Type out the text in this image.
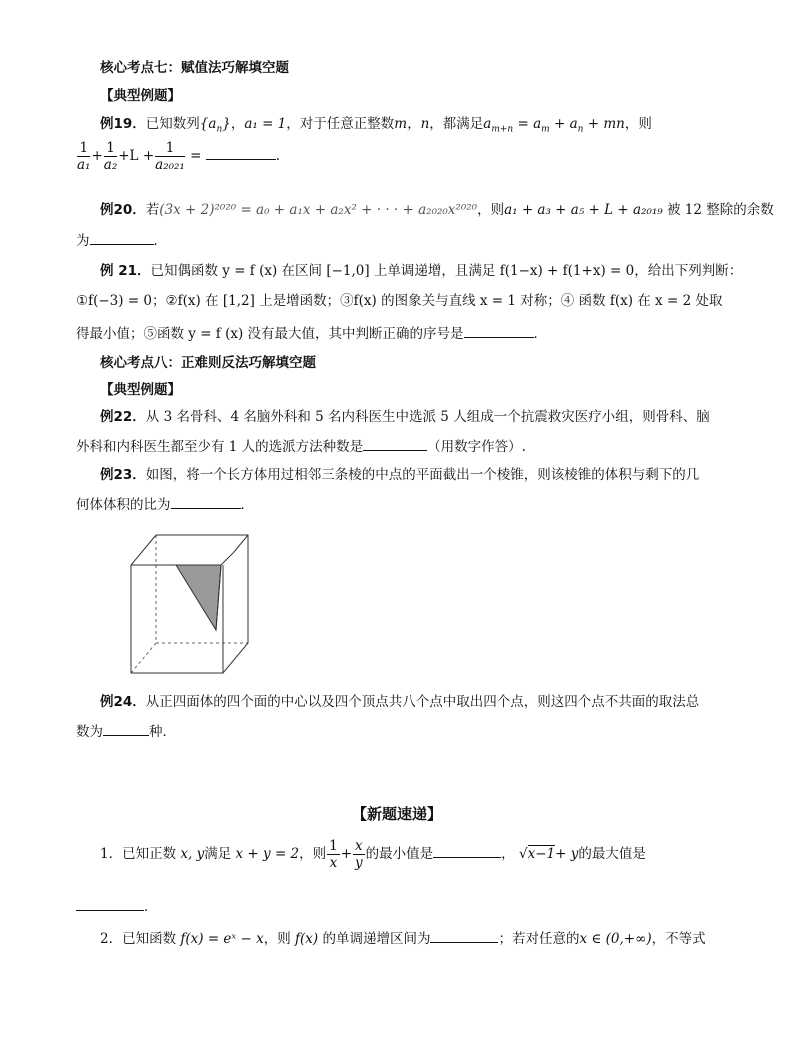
核心考点七：赋值法巧解填空题
【典型例题】
例19．已知数列$\{a_n\}$，a₁ = 1，对于任意正整数m，n，都满足$a_{m+n} = a_m + a_n$ + mn，则
$\frac{1}{\text{a₁}} + \frac{1}{\text{a₂}} +L + \frac{1}{\text{a₂₀₂₁}}$ =	.
例20．若(3x + 2)²⁰²⁰ = a₀ + a₁x + a₂x² + · · · + a₂₀₂₀x²⁰²⁰，则a₁ + a₃ + a₅ + L + a₂₀₁₉ 被 12 整除的余数
为	．
例 21．已知偶函数 y = f (x) 在区间 [−1,0] 上单调递增，且满足 f(1−x) + f(1+x) = 0，给出下列判断：
①f(−3) = 0；②f(x) 在 [1,2] 上是增函数；③f(x) 的图象关与直线 x = 1 对称；④ 函数 f(x) 在 x = 2 处取
得最小值；⑤函数 y = f (x) 没有最大值，其中判断正确的序号是	．
核心考点八：正难则反法巧解填空题
【典型例题】
例22．从 3 名骨科、4 名脑外科和 5 名内科医生中选派 5 人组成一个抗震救灾医疗小组，则骨科、脑
外科和内科医生都至少有 1 人的选派方法种数是	（用数字作答）.
例23．如图，将一个长方体用过相邻三条棱的中点的平面截出一个棱锥，则该棱锥的体积与剩下的几
何体体积的比为	．
例24．从正四面体的四个面的中心以及四个顶点共八个点中取出四个点，则这四个点不共面的取法总
数为	种．
【新题速递】
1．已知正数 x, y满足 x + y = 2，则 $\frac{1}{x} + \frac{x}{y}$ 的最小值是	， √x−1+ y的最大值是
．
2．已知函数 f(x) = eˣ − x，则 f(x) 的单调递增区间为	；若对任意的x ∈ (0,+∞)，不等式
